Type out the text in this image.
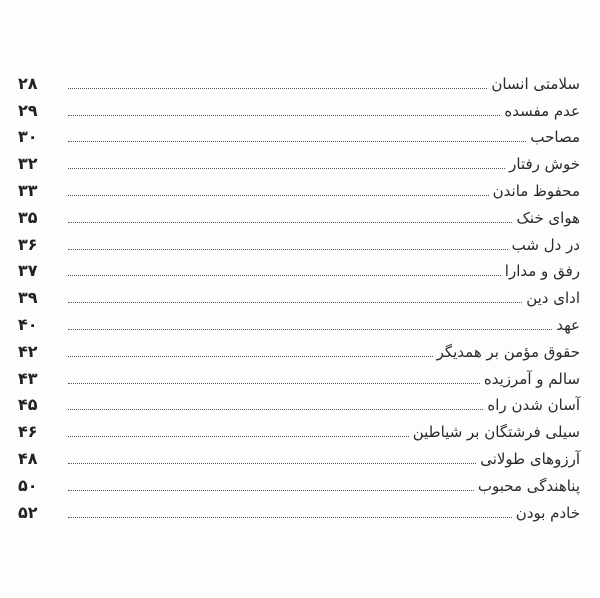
سلامتی انسان
۲۸
عدم مفسده
۲۹
مصاحب
۳۰
خوش رفتار
۳۲
محفوظ ماندن
۳۳
هوای خنک
۳۵
در دل شب
۳۶
رفق و مدارا
۳۷
ادای دین
۳۹
عهد
۴۰
حقوق مؤمن بر همدیگر
۴۲
سالم و آمرزیده
۴۳
آسان شدن راه
۴۵
سیلی فرشتگان بر شیاطین
۴۶
آرزوهای طولانی
۴۸
پناهندگی محبوب
۵۰
خادم بودن
۵۲
